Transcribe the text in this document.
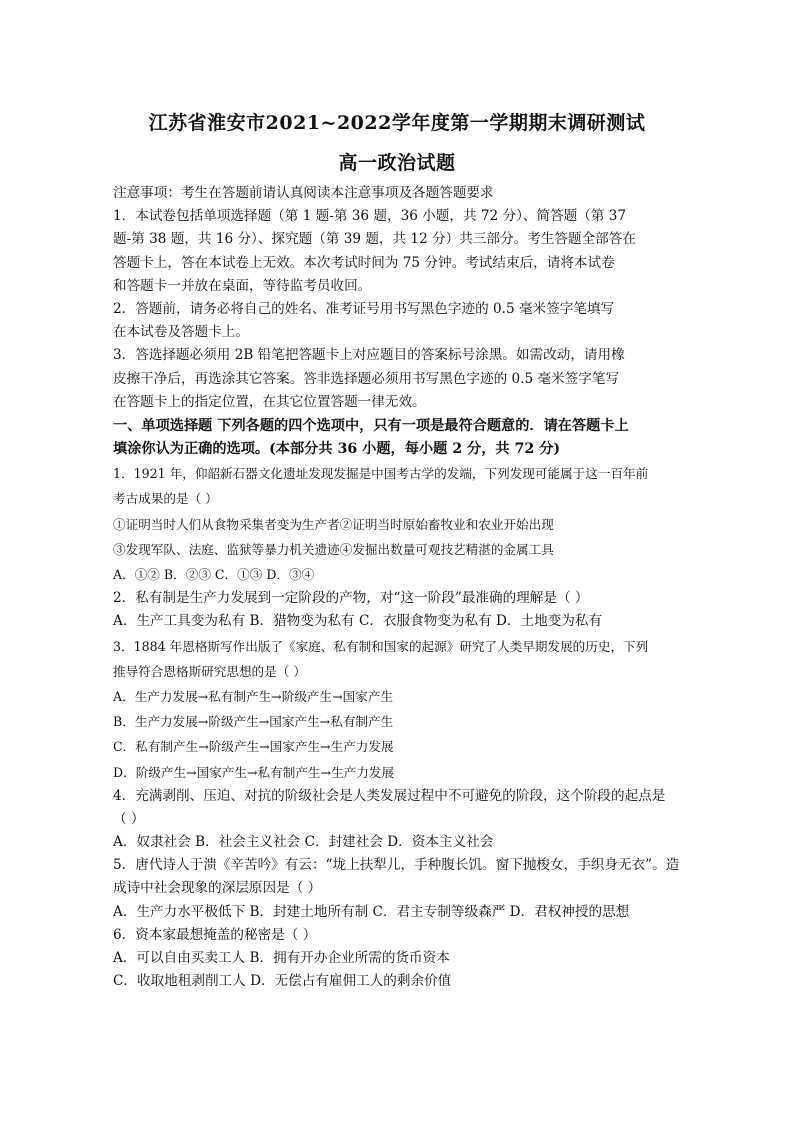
江苏省淮安市2021~2022学年度第一学期期末调研测试
高一政治试题
注意事项：考生在答题前请认真阅读本注意事项及各题答题要求
1．本试卷包括单项选择题（第 1 题-第 36 题，36 小题，共 72 分）、简答题（第 37
题-第 38 题，共 16 分）、探究题（第 39 题，共 12 分）共三部分。考生答题全部答在
答题卡上，答在本试卷上无效。本次考试时间为 75 分钟。考试结束后，请将本试卷
和答题卡一并放在桌面，等待监考员收回。
2．答题前，请务必将自己的姓名、准考证号用书写黑色字迹的 0.5 毫米签字笔填写
在本试卷及答题卡上。
3．答选择题必须用 2B 铅笔把答题卡上对应题目的答案标号涂黑。如需改动，请用橡
皮擦干净后，再选涂其它答案。答非选择题必须用书写黑色字迹的 0.5 毫米签字笔写
在答题卡上的指定位置，在其它位置答题一律无效。
一、单项选择题 下列各题的四个选项中，只有一项是最符合题意的．请在答题卡上
填涂你认为正确的选项。(本部分共 36 小题，每小题 2 分，共 72 分)
1．1921 年，仰韶新石器文化遗址发现发掘是中国考古学的发端，下列发现可能属于这一百年前
考古成果的是（ ）
①证明当时人们从食物采集者变为生产者②证明当时原始畜牧业和农业开始出现
③发现军队、法庭、监狱等暴力机关遗迹④发掘出数量可观技艺精湛的金属工具
A．①② B．②③ C．①③ D．③④
2．私有制是生产力发展到一定阶段的产物，对“这一阶段”最准确的理解是（ ）
A．生产工具变为私有 B．猎物变为私有 C．衣服食物变为私有 D．土地变为私有
3．1884 年恩格斯写作出版了《家庭、私有制和国家的起源》研究了人类早期发展的历史，下列
推导符合恩格斯研究思想的是（ ）
A．生产力发展→私有制产生→阶级产生→国家产生
B．生产力发展→阶级产生→国家产生→私有制产生
C．私有制产生→阶级产生→国家产生→生产力发展
D．阶级产生→国家产生→私有制产生→生产力发展
4．充满剥削、压迫、对抗的阶级社会是人类发展过程中不可避免的阶段，这个阶段的起点是
（ ）
A．奴隶社会 B．社会主义社会 C．封建社会 D．资本主义社会
5．唐代诗人于溃《辛苦吟》有云：“垅上扶犁儿，手种腹长饥。窗下抛梭女，手织身无衣”。造
成诗中社会现象的深层原因是（ ）
A．生产力水平极低下 B．封建土地所有制 C．君主专制等级森严 D．君权神授的思想
6．资本家最想掩盖的秘密是（ ）
A．可以自由买卖工人 B．拥有开办企业所需的货币资本
C．收取地租剥削工人 D．无偿占有雇佣工人的剩余价值
